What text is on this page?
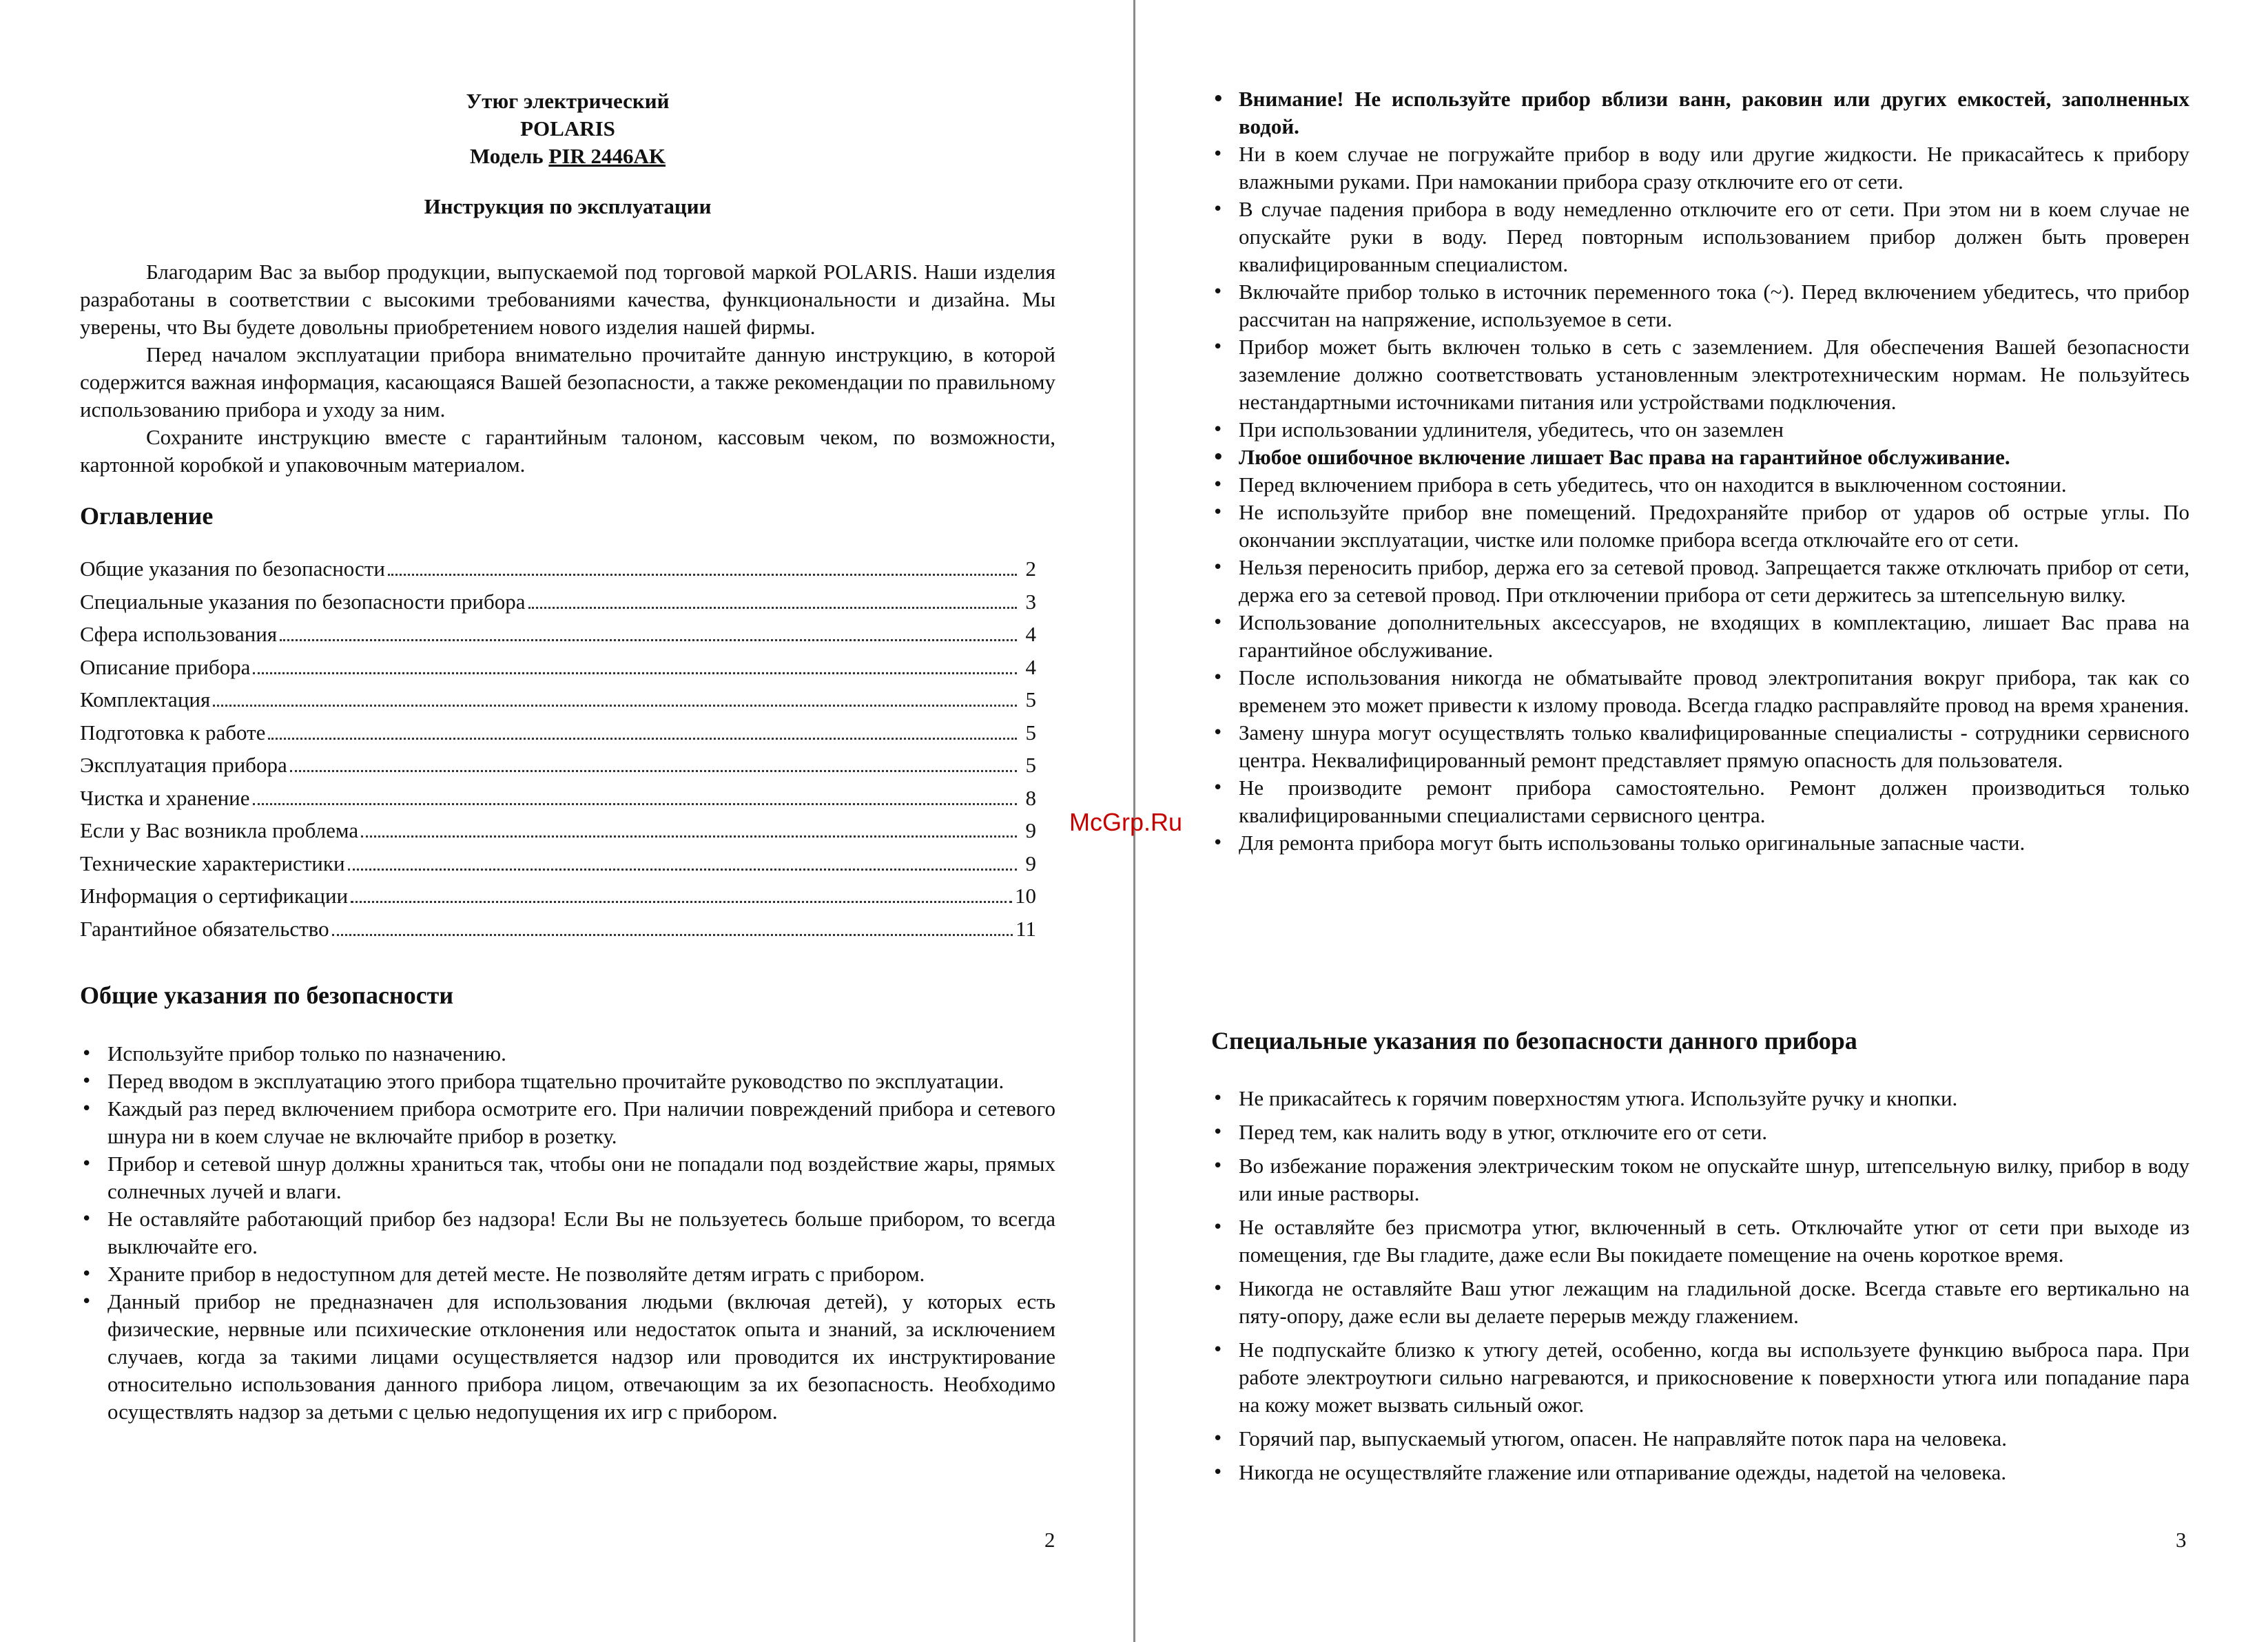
Утюг электрический
POLARIS
Модель PIR 2446AK
Инструкция по эксплуатации

Благодарим Вас за выбор продукции, выпускаемой под торговой маркой POLARIS. Наши изделия разработаны в соответствии с высокими требованиями качества, функциональности и дизайна. Мы уверены, что Вы будете довольны приобретением нового изделия нашей фирмы.

Перед началом эксплуатации прибора внимательно прочитайте данную инструкцию, в которой содержится важная информация, касающаяся Вашей безопасности, а также рекомендации по правильному использованию прибора и уходу за ним.

Сохраните инструкцию вместе с гарантийным талоном, кассовым чеком, по возможности, картонной коробкой и упаковочным материалом.

Оглавление
Общие указания по безопасности	2
Специальные указания по безопасности прибора	3
Сфера использования	4
Описание прибора	4
Комплектация	5
Подготовка к работе	5
Эксплуатация прибора	5
Чистка и хранение	8
Если у Вас возникла проблема	9
Технические характеристики	9
Информация о сертификации	10
Гарантийное обязательство	11
Общие указания по безопасности
• Используйте прибор только по назначению.
• Перед вводом в эксплуатацию этого прибора тщательно прочитайте руководство по эксплуатации.
• Каждый раз перед включением прибора осмотрите его. При наличии повреждений прибора и сетевого шнура ни в коем случае не включайте прибор в розетку.
• Прибор и сетевой шнур должны храниться так, чтобы они не попадали под воздействие жары, прямых солнечных лучей и влаги.
• Не оставляйте работающий прибор без надзора! Если Вы не пользуетесь больше прибором, то всегда выключайте его.
• Храните прибор в недоступном для детей месте. Не позволяйте детям играть с прибором.
• Данный прибор не предназначен для использования людьми (включая детей), у которых есть физические, нервные или психические отклонения или недостаток опыта и знаний, за исключением случаев, когда за такими лицами осуществляется надзор или проводится их инструктирование относительно использования данного прибора лицом, отвечающим за их безопасность. Необходимо осуществлять надзор за детьми с целью недопущения их игр с прибором.
2
• Внимание! Не используйте прибор вблизи ванн, раковин или других емкостей, заполненных водой.
• Ни в коем случае не погружайте прибор в воду или другие жидкости. Не прикасайтесь к прибору влажными руками. При намокании прибора сразу отключите его от сети.
• В случае падения прибора в воду немедленно отключите его от сети. При этом ни в коем случае не опускайте руки в воду. Перед повторным использованием прибор должен быть проверен квалифицированным специалистом.
• Включайте прибор только в источник переменного тока (~). Перед включением убедитесь, что прибор рассчитан на напряжение, используемое в сети.
• Прибор может быть включен только в сеть с заземлением. Для обеспечения Вашей безопасности заземление должно соответствовать установленным электротехническим нормам. Не пользуйтесь нестандартными источниками питания или устройствами подключения.
• При использовании удлинителя, убедитесь, что он заземлен
• Любое ошибочное включение лишает Вас права на гарантийное обслуживание.
• Перед включением прибора в сеть убедитесь, что он находится в выключенном состоянии.
• Не используйте прибор вне помещений. Предохраняйте прибор от ударов об острые углы. По окончании эксплуатации, чистке или поломке прибора всегда отключайте его от сети.
• Нельзя переносить прибор, держа его за сетевой провод. Запрещается также отключать прибор от сети, держа его за сетевой провод. При отключении прибора от сети держитесь за штепсельную вилку.
• Использование дополнительных аксессуаров, не входящих в комплектацию, лишает Вас права на гарантийное обслуживание.
• После использования никогда не обматывайте провод электропитания вокруг прибора, так как со временем это может привести к излому провода. Всегда гладко расправляйте провод на время хранения.
• Замену шнура могут осуществлять только квалифицированные специалисты - сотрудники сервисного центра. Неквалифицированный ремонт представляет прямую опасность для пользователя.
• Не производите ремонт прибора самостоятельно. Ремонт должен производиться только квалифицированными специалистами сервисного центра.
• Для ремонта прибора могут быть использованы только оригинальные запасные части.
Специальные указания по безопасности данного прибора
• Не прикасайтесь к горячим поверхностям утюга. Используйте ручку и кнопки.
• Перед тем, как налить воду в утюг, отключите его от сети.
• Во избежание поражения электрическим током не опускайте шнур, штепсельную вилку, прибор в воду или иные растворы.
• Не оставляйте без присмотра утюг, включенный в сеть. Отключайте утюг от сети при выходе из помещения, где Вы гладите, даже если Вы покидаете помещение на очень короткое время.
• Никогда не оставляйте Ваш утюг лежащим на гладильной доске. Всегда ставьте его вертикально на пяту-опору, даже если вы делаете перерыв между глажением.
• Не подпускайте близко к утюгу детей, особенно, когда вы используете функцию выброса пара. При работе электроутюги сильно нагреваются, и прикосновение к поверхности утюга или попадание пара на кожу может вызвать сильный ожог.
• Горячий пар, выпускаемый утюгом, опасен. Не направляйте поток пара на человека.
• Никогда не осуществляйте глажение или отпаривание одежды, надетой на человека.
3
McGrp.Ru
